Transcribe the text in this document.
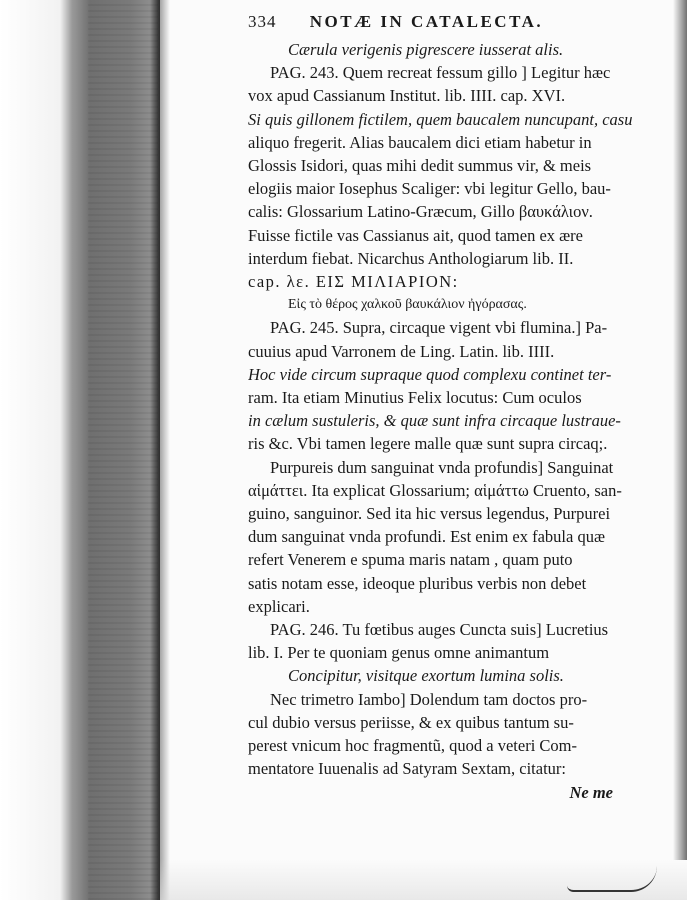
334 NOTÆ IN CATALECTA.
Cærula verigenis pigrescere iusserat alis.
PAG. 243. Quem recreat fessum gillo ] Legitur hæc
vox apud Cassianum Institut. lib. IIII. cap. XVI.
Si quis gillonem fictilem, quem baucalem nuncupant, casu
aliquo fregerit. Alias baucalem dici etiam habetur in
Glossis Isidori, quas mihi dedit summus vir, & meis
elogiis maior Iosephus Scaliger: vbi legitur Gello, bau-
calis: Glossarium Latino-Græcum, Gillo βαυκάλιον.
Fuisse fictile vas Cassianus ait, quod tamen ex ære
interdum fiebat. Nicarchus Anthologiarum lib. II.
cap. λε. ΕΙΣ ΜΙΛΙΑΡΙΟΝ:
Εἰς τὸ θέρος χαλκοῦ βαυκάλιον ἠγόρασας.
PAG. 245. Supra, circaque vigent vbi flumina.] Pa-
cuuius apud Varronem de Ling. Latin. lib. IIII.
Hoc vide circum supraque quod complexu continet ter-
ram. Ita etiam Minutius Felix locutus: Cum oculos
in cælum sustuleris, & quæ sunt infra circaque lustraue-
ris &c. Vbi tamen legere malle quæ sunt supra circaq;.
Purpureis dum sanguinat vnda profundis] Sanguinat
αἱμάττει. Ita explicat Glossarium; αἱμάττω Cruento, san-
guino, sanguinor. Sed ita hic versus legendus, Purpurei
dum sanguinat vnda profundi. Est enim ex fabula quæ
refert Venerem e spuma maris natam , quam puto
satis notam esse, ideoque pluribus verbis non debet
explicari.
PAG. 246. Tu fœtibus auges Cuncta suis] Lucretius
lib. I. Per te quoniam genus omne animantum
Concipitur, visitque exortum lumina solis.
Nec trimetro Iambo] Dolendum tam doctos pro-
cul dubio versus periisse, & ex quibus tantum su-
perest vnicum hoc fragmentũ, quod a veteri Com-
mentatore Iuuenalis ad Satyram Sextam, citatur:
Ne me
